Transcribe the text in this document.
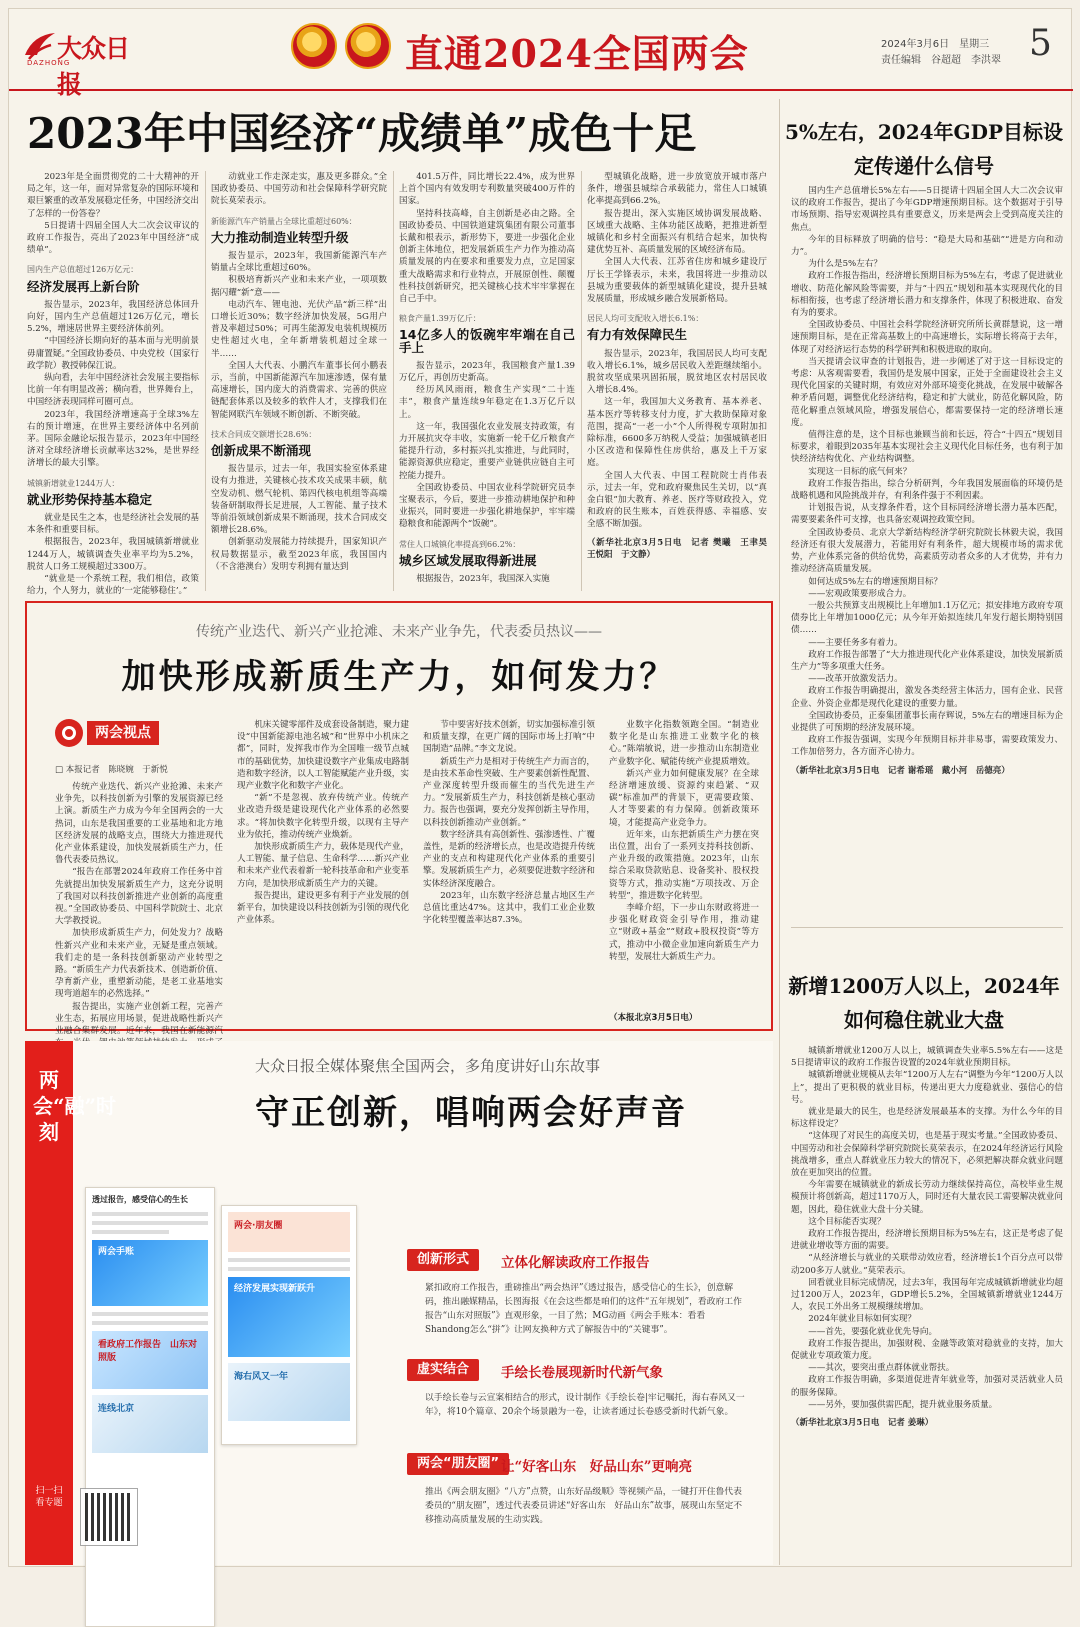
大众日报
DAZHONG	直通2024全国两会	2024年3月6日　星期三
责任编辑　谷超超　李洪翠 5
2023年中国经济“成绩单”成色十足

2023年是全面贯彻党的二十大精神的开局之年，这一年，面对异常复杂的国际环境和艰巨繁重的改革发展稳定任务，中国经济交出了怎样的一份答卷？

5日提请十四届全国人大二次会议审议的政府工作报告，亮出了2023年中国经济“成绩单”。

国内生产总值超过126万亿元：
经济发展再上新台阶

报告显示，2023年，我国经济总体回升向好，国内生产总值超过126万亿元，增长5.2%，增速居世界主要经济体前列。

“中国经济长期向好的基本面与光明前景毋庸置疑。”全国政协委员、中央党校（国家行政学院）教授韩保江说。

纵向看，去年中国经济社会发展主要指标比前一年有明显改善；横向看，世界舞台上，中国经济表现同样可圈可点。

2023年，我国经济增速高于全球3%左右的预计增速，在世界主要经济体中名列前茅。国际金融论坛报告显示，2023年中国经济对全球经济增长贡献率达32%，是世界经济增长的最大引擎。

城镇新增就业1244万人：
就业形势保持基本稳定

就业是民生之本，也是经济社会发展的基本条件和重要目标。

根据报告，2023年，我国城镇新增就业1244万人，城镇调查失业率平均为5.2%，脱贫人口务工规模超过3300万。

“就业是一个系统工程，我们相信，政策给力，个人努力，就业的‘一定能够稳住’。”

动就业工作走深走实，惠及更多群众。”全国政协委员、中国劳动和社会保障科学研究院院长莫荣表示。

新能源汽车产销量占全球比重超过60%：
大力推动制造业转型升级

报告显示，2023年，我国新能源汽车产销量占全球比重超过60%。

积极培育新兴产业和未来产业，一项项数据闪耀“新”意——

电动汽车、锂电池、光伏产品“新三样”出口增长近30%；数字经济加快发展，5G用户普及率超过50%；可再生能源发电装机规模历史性超过火电，全年新增装机超过全球一半……

全国人大代表、小鹏汽车董事长何小鹏表示，当前，中国新能源汽车加速渗透，保有量高速增长，国内庞大的消费需求、完善的供应链配套体系以及较多的软件人才，支撑我们在智能网联汽车领域不断创新、不断突破。

技术合同成交额增长28.6%：
创新成果不断涌现

报告显示，过去一年，我国实验室体系建设有力推进，关键核心技术攻关成果丰硕，航空发动机、燃气轮机、第四代核电机组等高端装备研制取得长足进展，人工智能、量子技术等前沿领域创新成果不断涌现，技术合同成交额增长28.6%。

创新驱动发展能力持续提升，国家知识产权局数据显示，截至2023年底，我国国内（不含港澳台）发明专利拥有量达到

401.5万件，同比增长22.4%，成为世界上首个国内有效发明专利数量突破400万件的国家。

坚持科技高峰，自主创新是必由之路。全国政协委员、中国铁道建筑集团有限公司董事长戴和根表示，新形势下，要进一步强化企业创新主体地位，把发展新质生产力作为推动高质量发展的内在要求和重要发力点，立足国家重大战略需求和行业特点，开展原创性、颠覆性科技创新研究，把关键核心技术牢牢掌握在自己手中。

粮食产量1.39万亿斤：
14亿多人的饭碗牢牢端在自己手上

报告显示，2023年，我国粮食产量1.39万亿斤，再创历史新高。

经历风风雨雨，粮食生产实现“二十连丰”，粮食产量连续9年稳定在1.3万亿斤以上。

这一年，我国强化农业发展支持政策，有力开展抗灾夺丰收，实施新一轮千亿斤粮食产能提升行动，多村振兴扎实推进，与此同时，能源资源供应稳定，重要产业链供应链自主可控能力提升。

全国政协委员、中国农业科学院研究员李宝聚表示，今后，要进一步推动耕地保护和种业振兴，同时要进一步强化耕地保护，牢牢端稳粮食和能源两个“饭碗”。

常住人口城镇化率提高到66.2%：
城乡区域发展取得新进展

根据报告，2023年，我国深入实施

型城镇化战略，进一步放宽放开城市落户条件，增强县城综合承载能力，常住人口城镇化率提高到66.2%。

报告提出，深入实施区域协调发展战略、区域重大战略、主体功能区战略，把推进新型城镇化和乡村全面振兴有机结合起来，加快构建优势互补、高质量发展的区域经济布局。

全国人大代表、江苏省住房和城乡建设厅厅长王学锋表示，未来，我国将进一步推动以县城为重要载体的新型城镇化建设，提升县城发展质量，形成城乡融合发展新格局。

居民人均可支配收入增长6.1%：
有力有效保障民生

报告显示，2023年，我国居民人均可支配收入增长6.1%，城乡居民收入差距继续缩小。脱贫攻坚成果巩固拓展，脱贫地区农村居民收入增长8.4%。

这一年，我国加大义务教育、基本养老、基本医疗等转移支付力度，扩大救助保障对象范围，提高“一老一小”个人所得税专项附加扣除标准，6600多万纳税人受益；加强城镇老旧小区改造和保障性住房供给，惠及上千万家庭。

全国人大代表、中国工程院院士肖伟表示，过去一年，党和政府聚焦民生关切，以“真金白银”加大教育、养老、医疗等财政投入，党和政府的民生账本，百姓获得感、幸福感、安全感不断加强。

（新华社北京3月5日电　记者 樊曦　王聿昊　王悦阳　于文静）
传统产业迭代、新兴产业抢滩、未来产业争先，代表委员热议——
加快形成新质生产力，如何发力？
两会视点
□ 本报记者　陈晓婉　于新悦

传统产业迭代、新兴产业抢滩、未来产业争先，以科技创新为引擎的发展资源已经上演。新质生产力成为今年全国两会的一大热词，山东是我国重要的工业基地和北方地区经济发展的战略支点，围绕大力推进现代化产业体系建设，加快发展新质生产力，任鲁代表委员热议。

“报告在部署2024年政府工作任务中首先就提出加快发展新质生产力，这充分说明了我国对以科技创新推进产业创新的高度重视。”全国政协委员、中国科学院院士、北京大学教授说。

加快形成新质生产力，何处发力？战略性新兴产业和未来产业，无疑是重点领域。我们走的是一条科技创新驱动产业转型之路。“新质生产力代表新技术、创造新价值、孕育新产业，重塑新动能，是老工业基地实现弯道超车的必然选择。”

报告提出，实施产业创新工程，完善产业生态，拓展应用场景，促进战略性新兴产业融合集群发展。近年来，我国在新能源汽

机床关键零部件及成套设备制造，聚力建设“中国新能源电池名城”和“世界中小机床之都”，同时，发挥我市作为全国唯一级节点城市的基础优势，加快建设数字产业集成电路制造和数字经济，以人工智能赋能产业升级，实现产业数字化和数字产业化。

“新”不是忽视、放弃传统产业。传统产业改造升级是建设现代化产业体系的必然要求。“将加快数字化转型升级，以现有主导产业为依托，推动传统产业焕新。

加快形成新质生产力，载体是现代产业，人工智能、量子信息、生命科学……新兴产业和未来产业代表着新一轮科技革命和产业变革方向，是加快形成新质生产力的关键。

报告提出，建设更多有利于产业发展的创新平台，加快建设以科技创新为引领的现代化产业体系。

节中要害好技术创新，切实加强标准引领和质量支撑，在更广阔的国际市场上打响“中国制造”品牌。”李文龙说。

新质生产力是相对于传统生产力而言的，是由技术革命性突破、生产要素创新性配置、产业深度转型升级而催生的当代先进生产力。“发展新质生产力，科技创新是核心驱动力。报告也强调，要充分发挥创新主导作用，以科技创新推动产业创新。”

数字经济具有高创新性、强渗透性、广覆盖性，是新的经济增长点，也是改造提升传统产业的支点和构建现代化产业体系的重要引擎。发展新质生产力，必须要促进数字经济和实体经济深度融合。

2023年，山东数字经济总量占地区生产总值比重达47%。这其中，我们工业企业数字化转型覆盖率达87.3%。

业数字化指数领跑全国。“制造业数字化是山东推进工业数字化的核心。”陈端敏说，进一步推动山东制造业产业数字化、赋能传统产业提质增效。

新兴产业力如何健康发展？在全球经济增速放缓、资源约束趋紧、“双碳”标准加严的背景下，更需要政策、人才等要素的有力保障。创新政策环境，才能提高产业竞争力。

近年来，山东把新质生产力摆在突出位置，出台了一系列支持科技创新、产业升级的政策措施。2023年，山东综合采取贷款贴息、设备奖补、股权投资等方式，推动实施“万项技改、万企转型”，推进数字化转型。

李峰介绍，下一步山东财政将进一步强化财政资金引导作用，推动建立“财政+基金”“财政+股权投资”等方式，推动中小微企业加速向新质生产力转型，发展壮大新质生产力。

（本报北京3月5日电）
两会“融”时刻
扫一扫看专题
大众日报全媒体聚焦全国两会，多角度讲好山东故事
守正创新，唱响两会好声音
透过报告，感受信心的生长
两会手账
看政府工作报告　山东对照版
连线北京
两会·朋友圈
经济发展实现新跃升
海右风又一年
创新形式	立体化解读政府工作报告
紧扣政府工作报告，重磅推出“两会热评”《透过报告，感受信心的生长》，创意解码，推出融媒精品，长图海报《在会这些都是咱们的这件“五年规划”，看政府工作报告“山东对照版”》直观形象，一目了然；MG动画《两会手账本：看看Shandong怎么“拼”》让网友换种方式了解报告中的“关键事”。
虚实结合	手绘长卷展现新时代新气象
以手绘长卷与云宣案相结合的形式，设计制作《手绘长卷|牢记嘱托，海右春风又一年》，将10个篇章、20余个场景融为一卷，让读者通过长卷感受新时代新气象。
两会“朋友圈” 让“好客山东　好品山东”更响亮
推出《两会朋友圈》“八方”点赞，山东好品级顺》等视频产品，一键打开住鲁代表委员的“朋友圈”，透过代表委员讲述“好客山东　好品山东”故事，展现山东坚定不移推动高质量发展的生动实践。
5%左右，2024年GDP目标设定传递什么信号

国内生产总值增长5%左右——5日提请十四届全国人大二次会议审议的政府工作报告，提出了今年GDP增速预期目标。这个数据对于引导市场预期、指导宏观调控具有重要意义，历来是两会上受到高度关注的焦点。

今年的目标释放了明确的信号：“稳是大局和基础”“进是方向和动力”。

为什么是5%左右？

政府工作报告指出，经济增长预期目标为5%左右，考虑了促进就业增收、防范化解风险等需要，并与“十四五”规划和基本实现现代化的目标相衔接，也考虑了经济增长潜力和支撑条件，体现了积极进取、奋发有为的要求。

全国政协委员、中国社会科学院经济研究所所长黄群慧说，这一增速预期目标，是在正常高基数上的中高速增长，实际增长将高于去年，体现了对经济运行态势的科学研判和积极进取的取向。

当天提请会议审查的计划报告，进一步阐述了对于这一目标设定的考虑：从客观需要看，我国仍是发展中国家，正处于全面建设社会主义现代化国家的关键时期，有效应对外部环境变化挑战，在发展中破解各种矛盾问题，调整优化经济结构，稳定和扩大就业，防范化解风险，防范化解重点领域风险，增强发展信心，都需要保持一定的经济增长速度。

值得注意的是，这个目标也兼顾当前和长远，符合“十四五”规划目标要求，着眼到2035年基本实现社会主义现代化目标任务，也有利于加快经济结构优化、产业结构调整。

实现这一目标的底气何来？

政府工作报告指出，综合分析研判，今年我国发展面临的环境仍是战略机遇和风险挑战并存，有利条件强于不利因素。

计划报告说，从支撑条件看，这个目标同经济增长潜力基本匹配，需要要素条件可支撑，也具备宏观调控政策空间。

全国政协委员、北京大学新结构经济学研究院院长林毅夫说，我国经济还有很大发展潜力，若能用好有利条件，超大规模市场的需求优势，产业体系完备的供给优势，高素质劳动者众多的人才优势，并有力推动经济高质量发展。

如何达成5%左右的增速预期目标？

——宏观政策要形成合力。

一般公共预算支出规模比上年增加1.1万亿元；拟安排地方政府专项债券比上年增加1000亿元；从今年开始拟连续几年发行超长期特别国债……

——主要任务多有着力。

政府工作报告部署了“大力推进现代化产业体系建设，加快发展新质生产力”等多项重大任务。

——改革开放激发活力。

政府工作报告明确提出，激发各类经营主体活力，国有企业、民营企业、外资企业都是现代化建设的重要力量。

全国政协委员，正泰集团董事长南存辉说，5%左右的增速目标为企业提供了可预期的经济发展环境。

政府工作报告强调，实现今年预期目标并非易事，需要政策发力、工作加倍努力，各方面齐心协力。

（新华社北京3月5日电　记者 谢希瑶　戴小河　岳德亮）
新增1200万人以上，2024年如何稳住就业大盘

城镇新增就业1200万人以上，城镇调查失业率5.5%左右——这是5日提请审议的政府工作报告设置的2024年就业预期目标。

城镇新增就业规模从去年“1200万人左右”调整为今年“1200万人以上”，提出了更积极的就业目标，传递出更大力度稳就业、强信心的信号。

就业是最大的民生，也是经济发展最基本的支撑。为什么今年的目标这样设定？

“这体现了对民生的高度关切，也是基于现实考量。”全国政协委员、中国劳动和社会保障科学研究院院长莫荣表示，在2024年经济运行风险挑战增多，重点人群就业压力较大的情况下，必须把解决群众就业问题放在更加突出的位置。

今年需要在城镇就业的新成长劳动力继续保持高位，高校毕业生规模预计将创新高，超过1170万人，同时还有大量农民工需要解决就业问题，因此，稳住就业大盘十分关键。

这个目标能否实现？

政府工作报告提出，经济增长预期目标为5%左右，这正是考虑了促进就业增收等方面的需要。

“从经济增长与就业的关联带动效应看，经济增长1个百分点可以带动200多万人就业。”莫荣表示。

回看就业目标完成情况，过去3年，我国每年完成城镇新增就业均超过1200万人，2023年，GDP增长5.2%，全国城镇新增就业1244万人，农民工外出务工规模继续增加。

2024年就业目标如何实现？

——首先，要强化就业优先导向。

政府工作报告提出，加强财税、金融等政策对稳就业的支持，加大促就业专项政策力度。

——其次，要突出重点群体就业帮扶。

政府工作报告明确，多渠道促进青年就业等，加强对灵活就业人员的服务保障。

——另外，要加强供需匹配，提升就业服务质量。

（新华社北京3月5日电　记者 姜琳）
